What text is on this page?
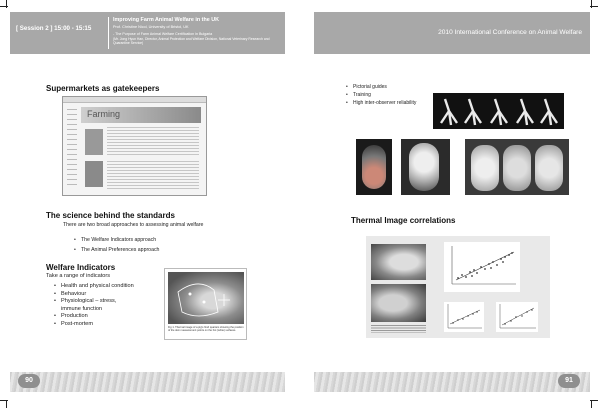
[ Session 2 ] 15:00 - 15:15
Improving Farm Animal Welfare in the UK
Prof. Christine Nicol, University of Bristol, UK
- The Purpose of Farm Animal Welfare Certification in Bulgaria
(Mr. Jong Hyun Han, Director, Animal Protection and Welfare Division, National Veterinary Research and Quarantine Service)
Supermarkets as gatekeepers
Farming
The science behind the standards
There are two broad approaches to assessing animal welfare
• The Welfare Indicators approach
• The Animal Preferences approach
Welfare Indicators
Take a range of indicators
• Health and physical condition
• Behaviour
• Physiological – stress,
immune function
• Production
• Post-mortem
Fig 1. Thermal image of a pig's hind quarters showing the position of the skin measurement points on the hot (white) surfaces.
90
2010 International Conference on Animal Welfare
• Pictorial guides
• Training
• High inter-observer reliability
Thermal Image correlations
91
